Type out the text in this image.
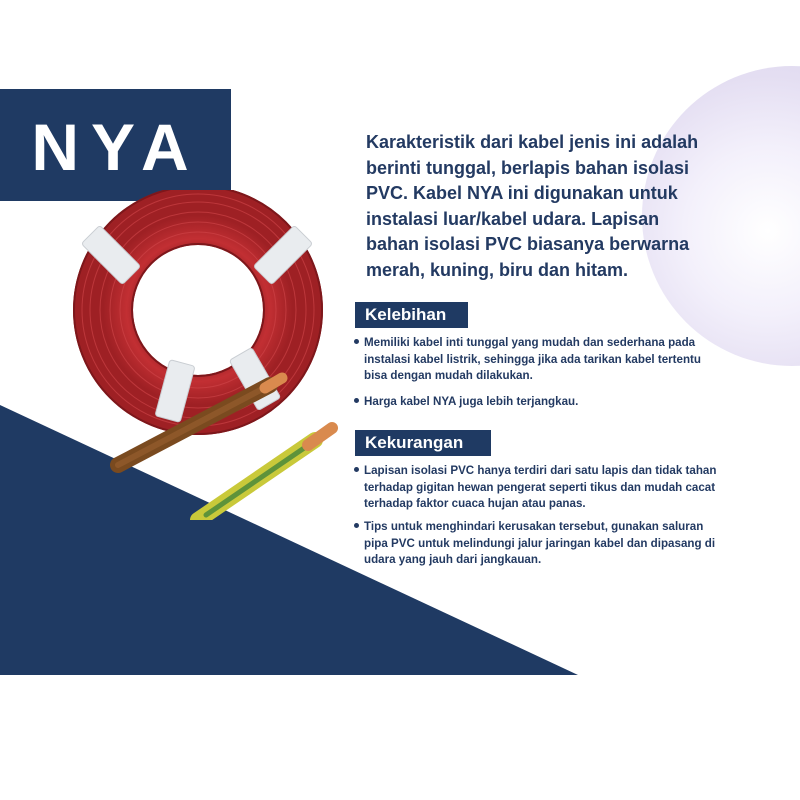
NYA	Karakteristik dari kabel jenis ini adalah
berinti tunggal, berlapis bahan isolasi
PVC. Kabel NYA ini digunakan untuk
instalasi luar/kabel udara. Lapisan
bahan isolasi PVC biasanya berwarna
merah, kuning, biru dan hitam.
Kelebihan
Memiliki kabel inti tunggal yang mudah dan sederhana pada
instalasi kabel listrik, sehingga jika ada tarikan kabel tertentu
bisa dengan mudah dilakukan.
Harga kabel NYA juga lebih terjangkau.
Kekurangan
Lapisan isolasi PVC hanya terdiri dari satu lapis dan tidak tahan
terhadap gigitan hewan pengerat seperti tikus dan mudah cacat
terhadap faktor cuaca hujan atau panas.
Tips untuk menghindari kerusakan tersebut, gunakan saluran
pipa PVC untuk melindungi jalur jaringan kabel dan dipasang di
udara yang jauh dari jangkauan.
